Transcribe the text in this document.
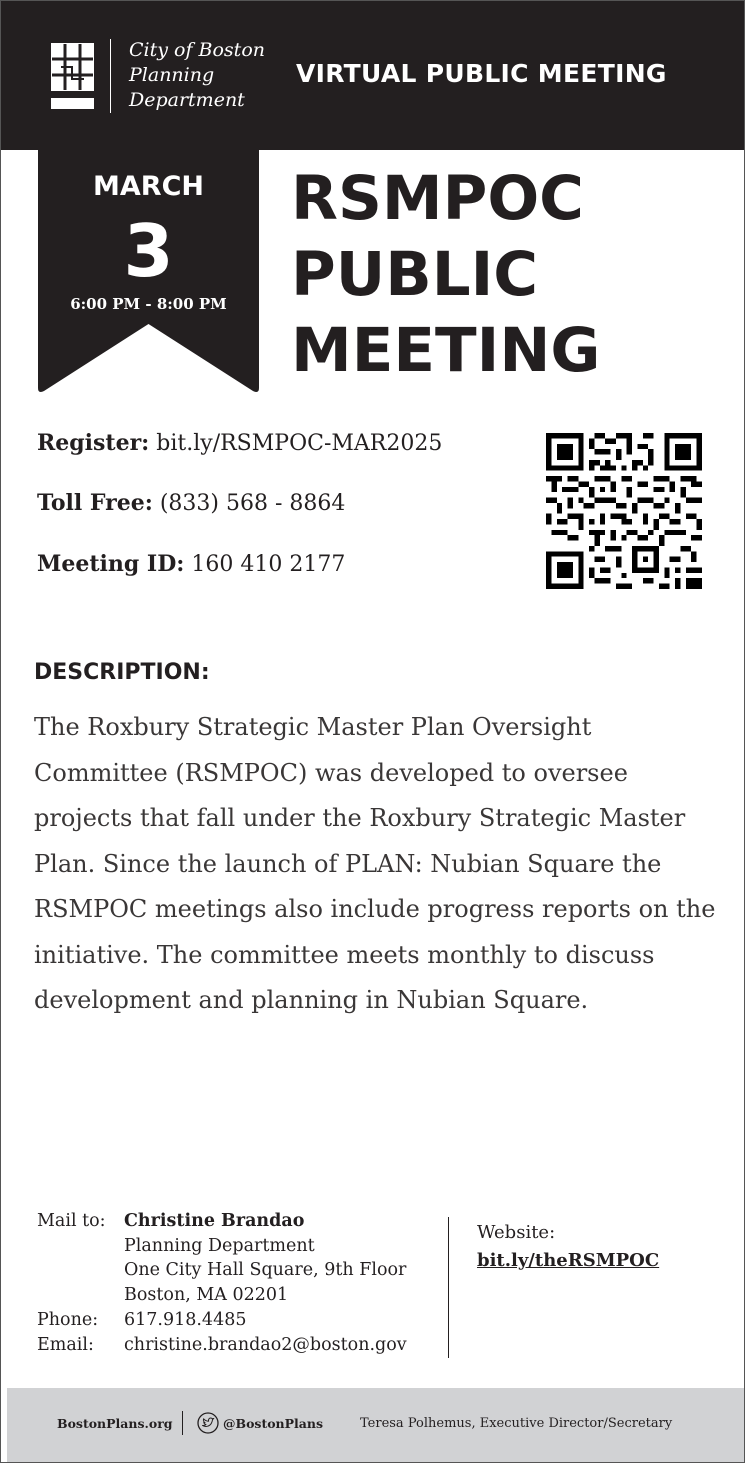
City of Boston
Planning
Department
VIRTUAL PUBLIC MEETING
MARCH
3
6:00 PM - 8:00 PM
RSMPOC
PUBLIC
MEETING
Register: bit.ly/RSMPOC-MAR2025
Toll Free: (833) 568 - 8864
Meeting ID: 160 410 2177
DESCRIPTION:
The Roxbury Strategic Master Plan Oversight Committee (RSMPOC) was developed to oversee projects that fall under the Roxbury Strategic Master Plan. Since the launch of PLAN: Nubian Square the RSMPOC meetings also include progress reports on the initiative. The committee meets monthly to discuss development and planning in Nubian Square.
Mail to:	Christine Brandao
Planning Department
One City Hall Square, 9th Floor
Boston, MA 02201
Phone:	617.918.4485
Email:	christine.brandao2@boston.gov
Website:
bit.ly/theRSMPOC
BostonPlans.org	@BostonPlans	Teresa Polhemus, Executive Director/Secretary
